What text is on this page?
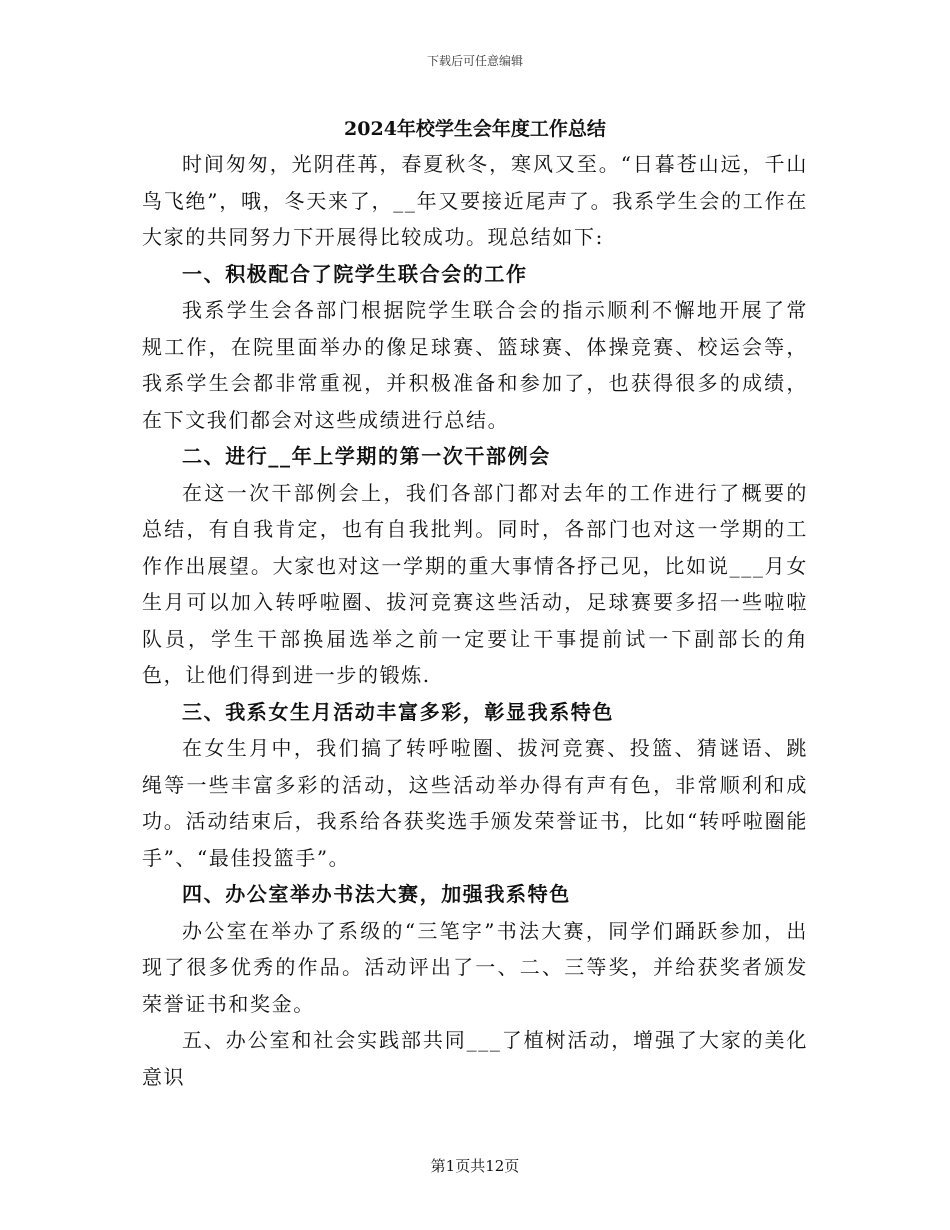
下载后可任意编辑
2024年校学生会年度工作总结

时间匆匆，光阴荏苒，春夏秋冬，寒风又至。“日暮苍山远，千山鸟飞绝”，哦，冬天来了，__年又要接近尾声了。我系学生会的工作在大家的共同努力下开展得比较成功。现总结如下:

一、积极配合了院学生联合会的工作

我系学生会各部门根据院学生联合会的指示顺利不懈地开展了常规工作，在院里面举办的像足球赛、篮球赛、体操竞赛、校运会等，我系学生会都非常重视，并积极准备和参加了，也获得很多的成绩，在下文我们都会对这些成绩进行总结。

二、进行__年上学期的第一次干部例会

在这一次干部例会上，我们各部门都对去年的工作进行了概要的总结，有自我肯定，也有自我批判。同时，各部门也对这一学期的工作作出展望。大家也对这一学期的重大事情各抒己见，比如说___月女生月可以加入转呼啦圈、拔河竞赛这些活动，足球赛要多招一些啦啦队员，学生干部换届选举之前一定要让干事提前试一下副部长的角色，让他们得到进一步的锻炼.

三、我系女生月活动丰富多彩，彰显我系特色

在女生月中，我们搞了转呼啦圈、拔河竞赛、投篮、猜谜语、跳绳等一些丰富多彩的活动，这些活动举办得有声有色，非常顺利和成功。活动结束后，我系给各获奖选手颁发荣誉证书，比如“转呼啦圈能手”、“最佳投篮手”。

四、办公室举办书法大赛，加强我系特色

办公室在举办了系级的“三笔字”书法大赛，同学们踊跃参加，出现了很多优秀的作品。活动评出了一、二、三等奖，并给获奖者颁发荣誉证书和奖金。

五、办公室和社会实践部共同___了植树活动，增强了大家的美化意识

第1页共12页
